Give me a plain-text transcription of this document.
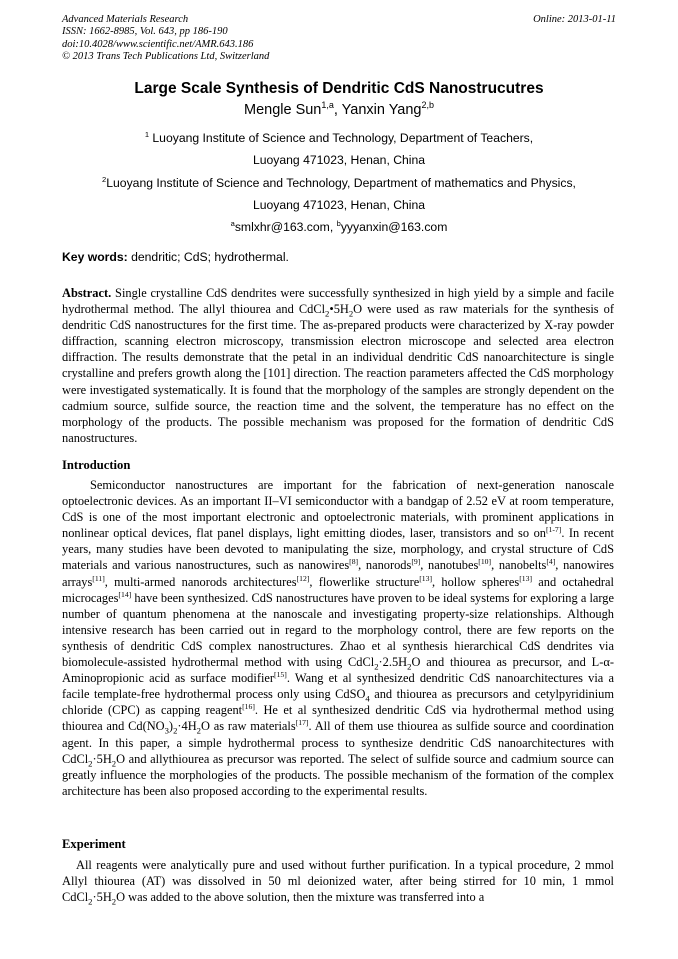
Advanced Materials Research
ISSN: 1662-8985, Vol. 643, pp 186-190
doi:10.4028/www.scientific.net/AMR.643.186
© 2013 Trans Tech Publications Ltd, Switzerland
Online: 2013-01-11
Large Scale Synthesis of Dendritic CdS Nanostrucutres
Mengle Sun$^{1,a}$, Yanxin Yang$^{2,b}$
$^1$ Luoyang Institute of Science and Technology, Department of Teachers,
Luoyang 471023, Henan, China
$^2$Luoyang Institute of Science and Technology, Department of mathematics and Physics,
Luoyang 471023, Henan, China
$^a$smlxhr@163.com, $^b$yyyanxin@163.com
Key words: dendritic; CdS; hydrothermal.
Abstract. Single crystalline CdS dendrites were successfully synthesized in high yield by a simple and facile hydrothermal method. The allyl thiourea and $CdCl_2•5H_2O$ were used as raw materials for the synthesis of dendritic CdS nanostructures for the first time. The as-prepared products were characterized by X-ray powder diffraction, scanning electron microscopy, transmission electron microscope and selected area electron diffraction. The results demonstrate that the petal in an individual dendritic CdS nanoarchitecture is single crystalline and prefers growth along the [101] direction. The reaction parameters affected the CdS morphology were investigated systematically. It is found that the morphology of the samples are strongly dependent on the cadmium source, sulfide source, the reaction time and the solvent, the temperature has no effect on the morphology of the products. The possible mechanism was proposed for the formation of dendritic CdS nanostructures.
Introduction
Semiconductor nanostructures are important for the fabrication of next-generation nanoscale optoelectronic devices. As an important II–VI semiconductor with a bandgap of 2.52 eV at room temperature, CdS is one of the most important electronic and optoelectronic materials, with prominent applications in nonlinear optical devices, flat panel displays, light emitting diodes, laser, transistors and so on[1-7]. In recent years, many studies have been devoted to manipulating the size, morphology, and crystal structure of CdS materials and various nanostructures, such as nanowires[8], nanorods[9], nanotubes[10], nanobelts[4], nanowires arrays[11], multi-armed nanorods architectures[12], flowerlike structure[13], hollow spheres[13] and octahedral microcages[14] have been synthesized. CdS nanostructures have proven to be ideal systems for exploring a large number of quantum phenomena at the nanoscale and investigating property-size relationships. Although intensive research has been carried out in regard to the morphology control, there are few reports on the synthesis of dendritic CdS complex nanostructures. Zhao et al synthesis hierarchical CdS dendrites via biomolecule-assisted hydrothermal method with using $CdCl_2\cdot 2.5H_2O$ and thiourea as precursor, and L-α-Aminopropionic acid as surface modifier[15]. Wang et al synthesized dendritic CdS nanoarchitectures via a facile template-free hydrothermal process only using CdSO$_4$ and thiourea as precursors and cetylpyridinium chloride (CPC) as capping reagent[16]. He et al synthesized dendritic CdS via hydrothermal method using thiourea and $Cd(NO_3)_2\cdot 4H_2O$ as raw materials[17]. All of them use thiourea as sulfide source and coordination agent. In this paper, a simple hydrothermal process to synthesize dendritic CdS nanoarchitectures with $CdCl_2\cdot 5H_2O$ and allythiourea as precursor was reported. The select of sulfide source and cadmium source can greatly influence the morphologies of the products. The possible mechanism of the formation of the complex architecture has been also proposed according to the experimental results.
Experiment
All reagents were analytically pure and used without further purification. In a typical procedure, 2 mmol Allyl thiourea (AT) was dissolved in 50 ml deionized water, after being stirred for 10 min, 1 mmol $CdCl_2\cdot 5H_2O$ was added to the above solution, then the mixture was transferred into a
